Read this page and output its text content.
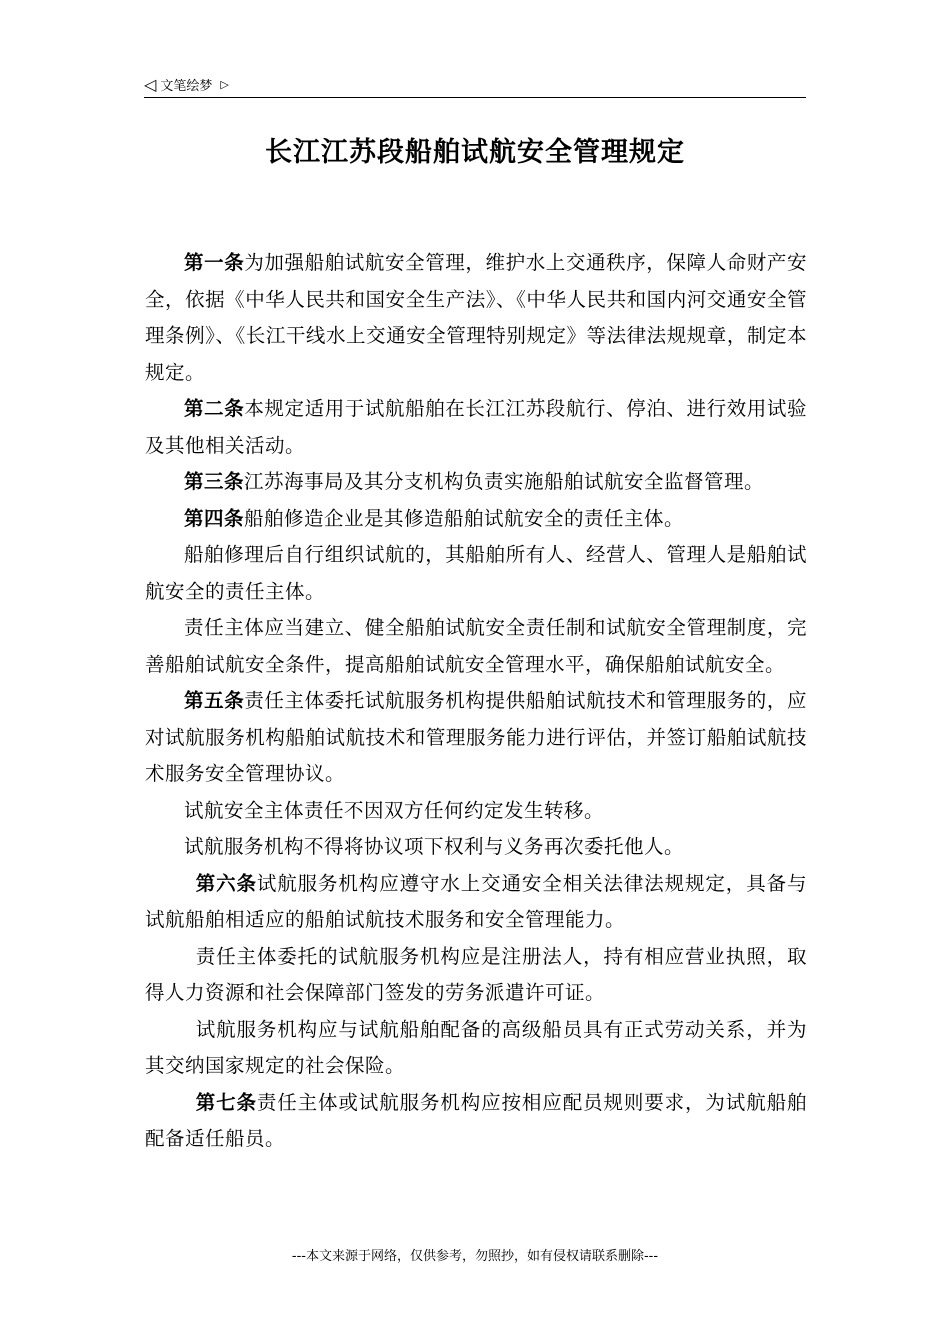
◁ 文笔绘梦 ▷
长江江苏段船舶试航安全管理规定

第一条为加强船舶试航安全管理，维护水上交通秩序，保障人命财产安全，依据《中华人民共和国安全生产法》、《中华人民共和国内河交通安全管理条例》、《长江干线水上交通安全管理特别规定》等法律法规规章，制定本规定。

第二条本规定适用于试航船舶在长江江苏段航行、停泊、进行效用试验及其他相关活动。

第三条江苏海事局及其分支机构负责实施船舶试航安全监督管理。

第四条船舶修造企业是其修造船舶试航安全的责任主体。

船舶修理后自行组织试航的，其船舶所有人、经营人、管理人是船舶试航安全的责任主体。

责任主体应当建立、健全船舶试航安全责任制和试航安全管理制度，完善船舶试航安全条件，提高船舶试航安全管理水平，确保船舶试航安全。

第五条责任主体委托试航服务机构提供船舶试航技术和管理服务的，应对试航服务机构船舶试航技术和管理服务能力进行评估，并签订船舶试航技术服务安全管理协议。

试航安全主体责任不因双方任何约定发生转移。

试航服务机构不得将协议项下权利与义务再次委托他人。

第六条试航服务机构应遵守水上交通安全相关法律法规规定，具备与试航船舶相适应的船舶试航技术服务和安全管理能力。

责任主体委托的试航服务机构应是注册法人，持有相应营业执照，取得人力资源和社会保障部门签发的劳务派遣许可证。

试航服务机构应与试航船舶配备的高级船员具有正式劳动关系，并为其交纳国家规定的社会保险。

第七条责任主体或试航服务机构应按相应配员规则要求，为试航船舶配备适任船员。

---本文来源于网络，仅供参考，勿照抄，如有侵权请联系删除---
